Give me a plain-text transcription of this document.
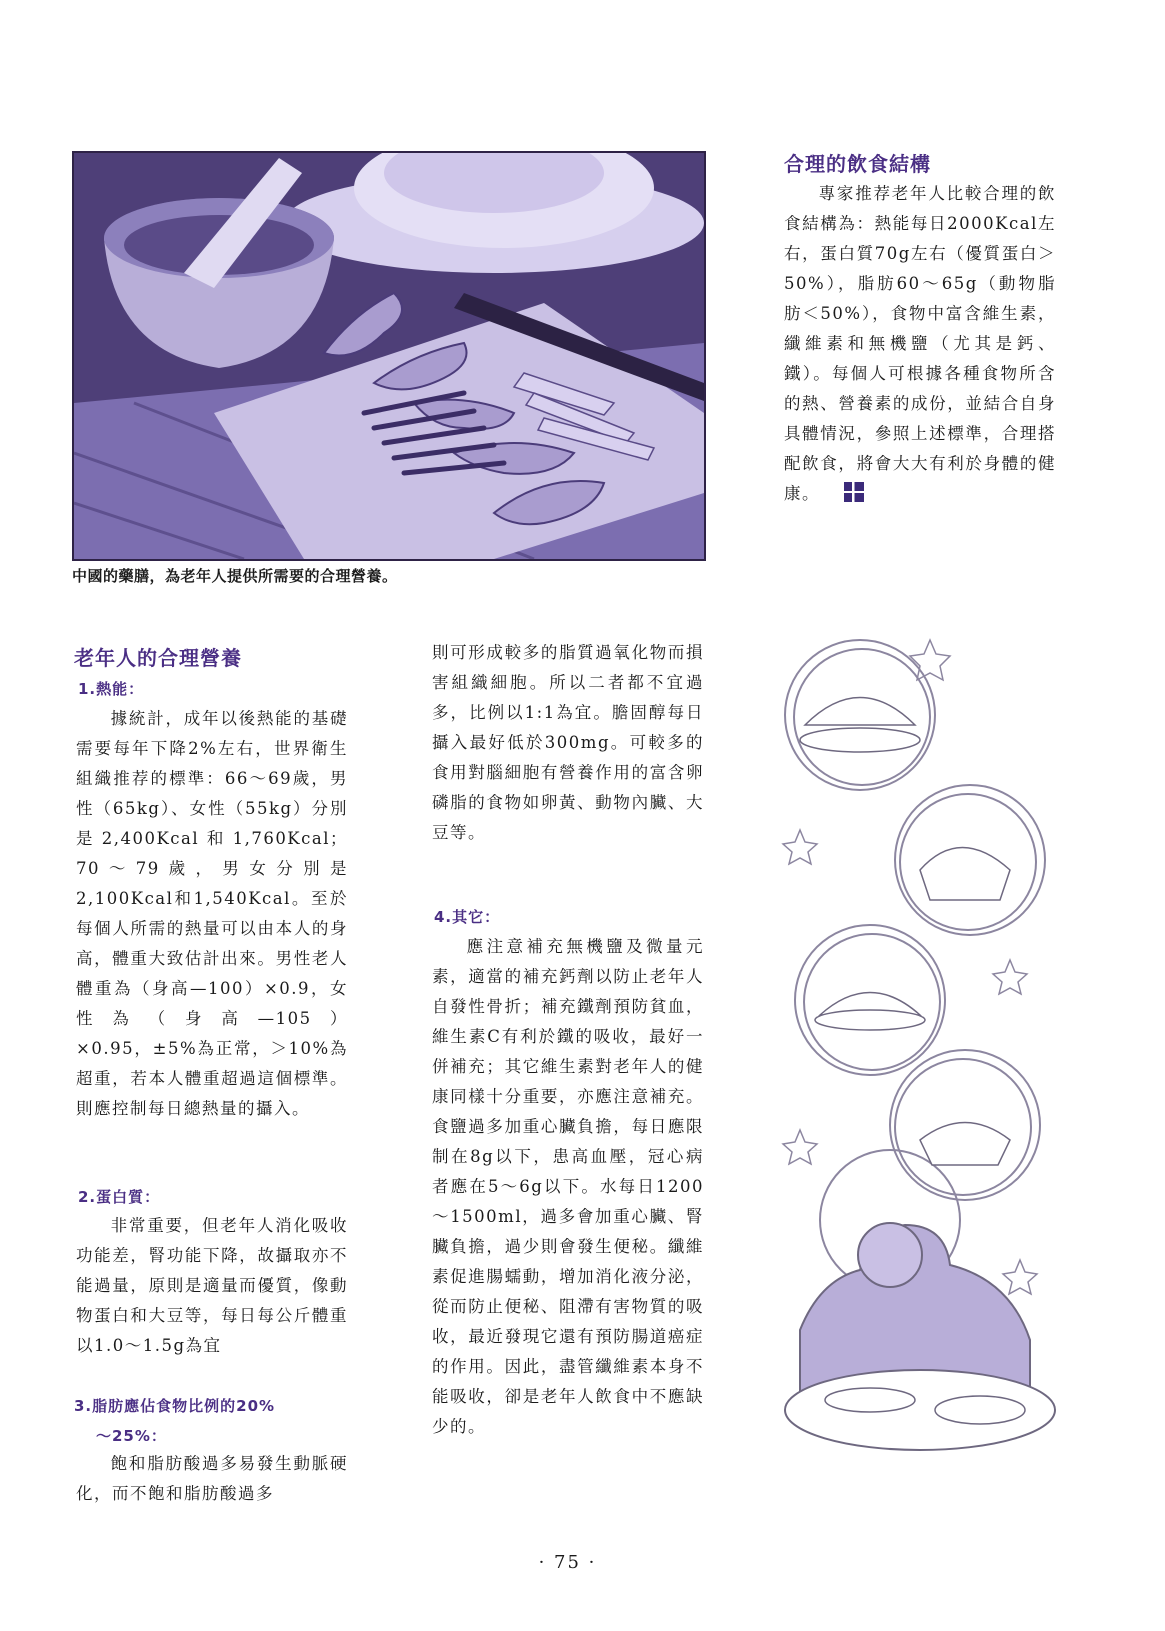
中國的藥膳，為老年人提供所需要的合理營養。
合理的飲食結構

專家推荐老年人比較合理的飲食結構為：熱能每日2000Kcal左右，蛋白質70g左右（優質蛋白＞50%），脂肪60～65g（動物脂肪＜50%），食物中富含維生素，纖維素和無機鹽（尤其是鈣、鐵）。每個人可根據各種食物所含的熱、營養素的成份，並結合自身具體情況，參照上述標準，合理搭配飲食，將會大大有利於身體的健康。

老年人的合理營養
1.熱能：

據統計，成年以後熱能的基礎需要每年下降2%左右，世界衛生組織推荐的標準：66～69歲，男性（65kg）、女性（55kg）分別是2,400Kcal和1,760Kcal；70～79歲，男女分別是2,100Kcal和1,540Kcal。至於每個人所需的熱量可以由本人的身高，體重大致估計出來。男性老人體重為（身高—100）×0.9，女性為（身高—105）×0.95，±5%為正常，＞10%為超重，若本人體重超過這個標準。則應控制每日總熱量的攝入。

2.蛋白質：

非常重要，但老年人消化吸收功能差，腎功能下降，故攝取亦不能過量，原則是適量而優質，像動物蛋白和大豆等，每日每公斤體重以1.0～1.5g為宜

3.脂肪應佔食物比例的20%
～25%：

飽和脂肪酸過多易發生動脈硬化，而不飽和脂肪酸過多

則可形成較多的脂質過氧化物而損害組織細胞。所以二者都不宜過多，比例以1:1為宜。膽固醇每日攝入最好低於300mg。可較多的食用對腦細胞有營養作用的富含卵磷脂的食物如卵黃、動物內臟、大豆等。

4.其它：

應注意補充無機鹽及微量元素，適當的補充鈣劑以防止老年人自發性骨折；補充鐵劑預防貧血，維生素C有利於鐵的吸收，最好一併補充；其它維生素對老年人的健康同樣十分重要，亦應注意補充。食鹽過多加重心臟負擔，每日應限制在8g以下，患高血壓，冠心病者應在5～6g以下。水每日1200～1500ml，過多會加重心臟、腎臟負擔，過少則會發生便秘。纖維素促進腸蠕動，增加消化液分泌，從而防止便秘、阻滯有害物質的吸收，最近發現它還有預防腸道癌症的作用。因此，盡管纖維素本身不能吸收，卻是老年人飲食中不應缺少的。

· 75 ·
